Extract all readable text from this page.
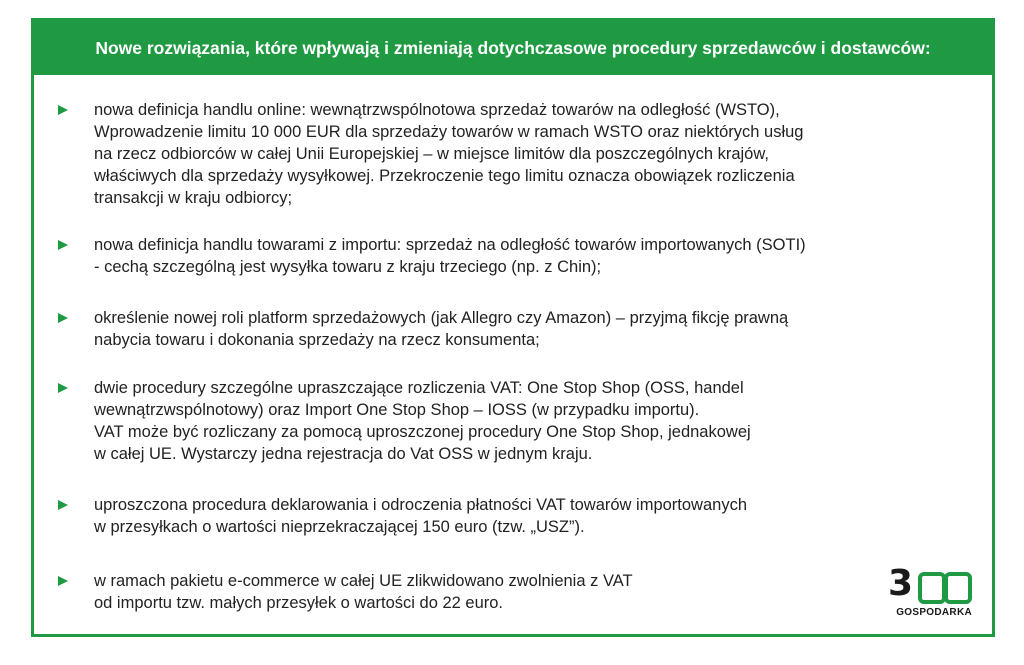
Nowe rozwiązania, które wpływają i zmieniają dotychczasowe procedury sprzedawców i dostawców:
nowa definicja handlu online: wewnątrzwspólnotowa sprzedaż towarów na odległość (WSTO),
Wprowadzenie limitu 10 000 EUR dla sprzedaży towarów w ramach WSTO oraz niektórych usług
na rzecz odbiorców w całej Unii Europejskiej – w miejsce limitów dla poszczególnych krajów,
właściwych dla sprzedaży wysyłkowej. Przekroczenie tego limitu oznacza obowiązek rozliczenia
transakcji w kraju odbiorcy;
nowa definicja handlu towarami z importu: sprzedaż na odległość towarów importowanych (SOTI)
- cechą szczególną jest wysyłka towaru z kraju trzeciego (np. z Chin);
określenie nowej roli platform sprzedażowych (jak Allegro czy Amazon) – przyjmą fikcję prawną
nabycia towaru i dokonania sprzedaży na rzecz konsumenta;
dwie procedury szczególne upraszczające rozliczenia VAT: One Stop Shop (OSS, handel
wewnątrzwspólnotowy) oraz Import One Stop Shop – IOSS (w przypadku importu).
VAT może być rozliczany za pomocą uproszczonej procedury One Stop Shop, jednakowej
w całej UE. Wystarczy jedna rejestracja do Vat OSS w jednym kraju.
uproszczona procedura deklarowania i odroczenia płatności VAT towarów importowanych
w przesyłkach o wartości nieprzekraczającej 150 euro (tzw. „USZ”).
w ramach pakietu e-commerce w całej UE zlikwidowano zwolnienia z VAT
od importu tzw. małych przesyłek o wartości do 22 euro.	3
GOSPODARKA
